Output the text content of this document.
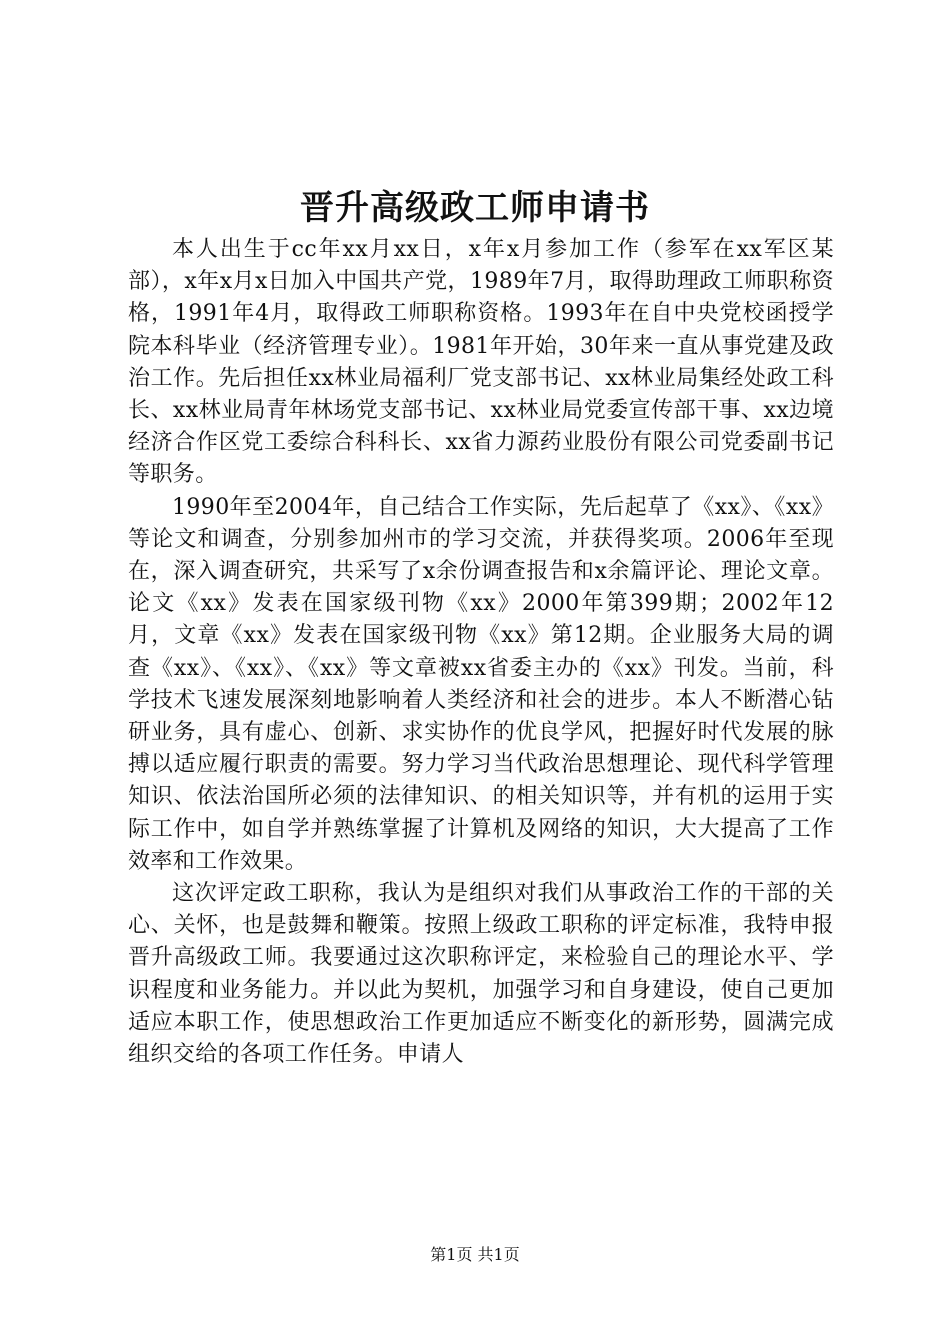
晋升高级政工师申请书

本人出生于cc年xx月xx日，x年x月参加工作（参军在xx军区某部），x年x月x日加入中国共产党，1989年7月，取得助理政工师职称资格，1991年4月，取得政工师职称资格。1993年在自中央党校函授学院本科毕业（经济管理专业）。1981年开始，30年来一直从事党建及政治工作。先后担任xx林业局福利厂党支部书记、xx林业局集经处政工科长、xx林业局青年林场党支部书记、xx林业局党委宣传部干事、xx边境经济合作区党工委综合科科长、xx省力源药业股份有限公司党委副书记等职务。

1990年至2004年，自己结合工作实际，先后起草了《xx》、《xx》等论文和调查，分别参加州市的学习交流，并获得奖项。2006年至现在，深入调查研究，共采写了x余份调查报告和x余篇评论、理论文章。论文《xx》发表在国家级刊物《xx》2000年第399期；2002年12月，文章《xx》发表在国家级刊物《xx》第12期。企业服务大局的调查《xx》、《xx》、《xx》等文章被xx省委主办的《xx》刊发。当前，科学技术飞速发展深刻地影响着人类经济和社会的进步。本人不断潜心钻研业务，具有虚心、创新、求实协作的优良学风，把握好时代发展的脉搏以适应履行职责的需要。努力学习当代政治思想理论、现代科学管理知识、依法治国所必须的法律知识、的相关知识等，并有机的运用于实际工作中，如自学并熟练掌握了计算机及网络的知识，大大提高了工作效率和工作效果。

这次评定政工职称，我认为是组织对我们从事政治工作的干部的关心、关怀，也是鼓舞和鞭策。按照上级政工职称的评定标准，我特申报晋升高级政工师。我要通过这次职称评定，来检验自己的理论水平、学识程度和业务能力。并以此为契机，加强学习和自身建设，使自己更加适应本职工作，使思想政治工作更加适应不断变化的新形势，圆满完成组织交给的各项工作任务。申请人

第1页 共1页
